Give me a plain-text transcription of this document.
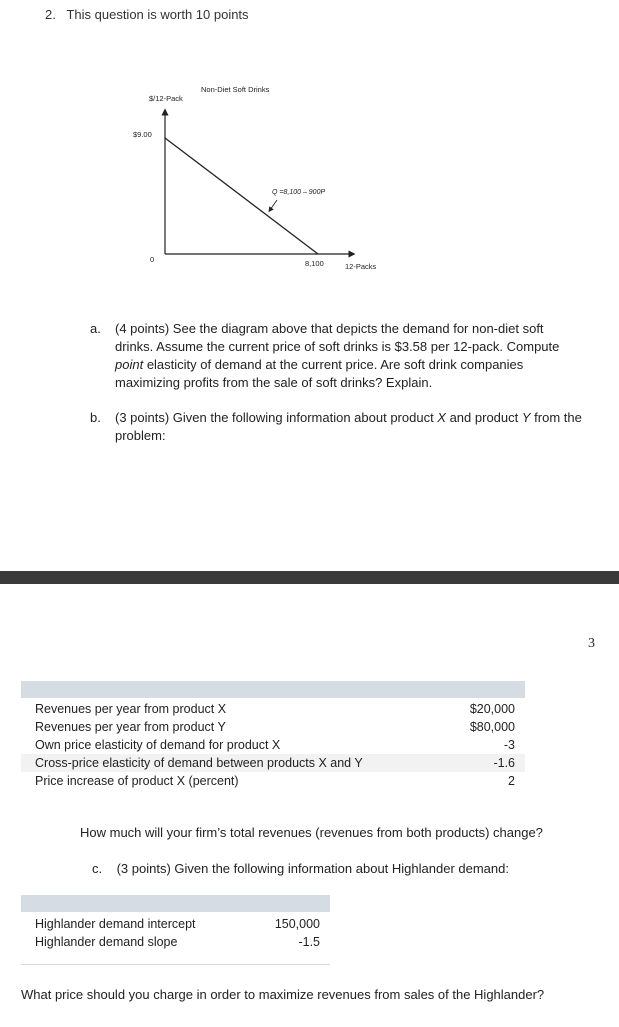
2. This question is worth 10 points
Non-Diet Soft Drinks
$/12-Pack
$9.00
0	8,100	12-Packs
Q =8,100 – 900P
a. (4 points) See the diagram above that depicts the demand for non-diet soft drinks. Assume the current price of soft drinks is $3.58 per 12-pack. Compute point elasticity of demand at the current price. Are soft drink companies maximizing profits from the sale of soft drinks? Explain.
b. (3 points) Given the following information about product X and product Y from the problem:
3
Revenues per year from product X	$20,000
Revenues per year from product Y	$80,000
Own price elasticity of demand for product X	-3
Cross-price elasticity of demand between products X and Y	-1.6
Price increase of product X (percent)	2
How much will your firm’s total revenues (revenues from both products) change?
c. (3 points) Given the following information about Highlander demand:
Highlander demand intercept	150,000
Highlander demand slope	-1.5
What price should you charge in order to maximize revenues from sales of the Highlander?
